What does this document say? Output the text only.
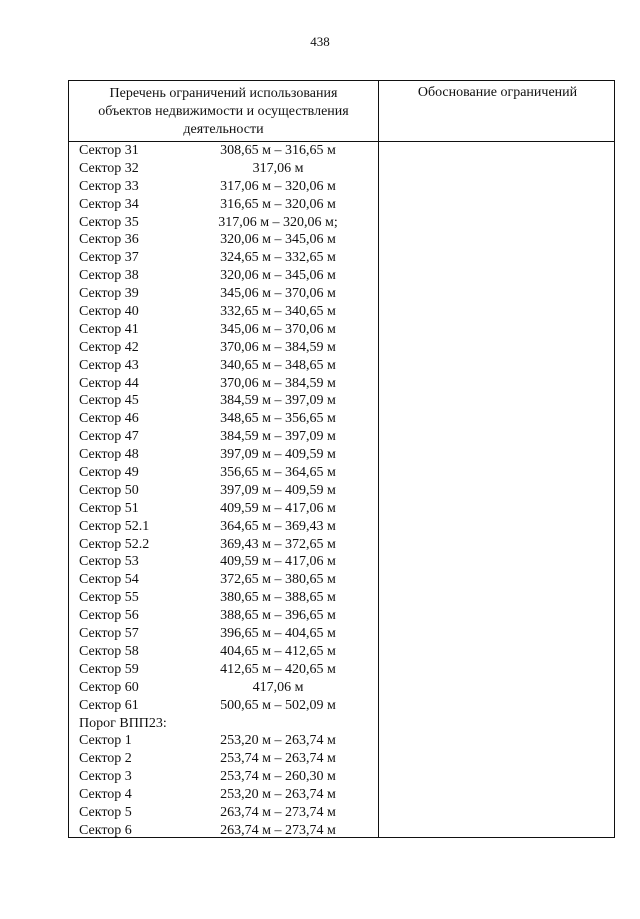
438
Перечень ограничений использования
объектов недвижимости и осуществления
деятельности
Обоснование ограничений
Сектор 31	308,65 м – 316,65 м
Сектор 32	317,06 м
Сектор 33	317,06 м – 320,06 м
Сектор 34	316,65 м – 320,06 м
Сектор 35	317,06 м – 320,06 м;
Сектор 36	320,06 м – 345,06 м
Сектор 37	324,65 м – 332,65 м
Сектор 38	320,06 м – 345,06 м
Сектор 39	345,06 м – 370,06 м
Сектор 40	332,65 м – 340,65 м
Сектор 41	345,06 м – 370,06 м
Сектор 42	370,06 м – 384,59 м
Сектор 43	340,65 м – 348,65 м
Сектор 44	370,06 м – 384,59 м
Сектор 45	384,59 м – 397,09 м
Сектор 46	348,65 м – 356,65 м
Сектор 47	384,59 м – 397,09 м
Сектор 48	397,09 м – 409,59 м
Сектор 49	356,65 м – 364,65 м
Сектор 50	397,09 м – 409,59 м
Сектор 51	409,59 м – 417,06 м
Сектор 52.1	364,65 м – 369,43 м
Сектор 52.2	369,43 м – 372,65 м
Сектор 53	409,59 м – 417,06 м
Сектор 54	372,65 м – 380,65 м
Сектор 55	380,65 м – 388,65 м
Сектор 56	388,65 м – 396,65 м
Сектор 57	396,65 м – 404,65 м
Сектор 58	404,65 м – 412,65 м
Сектор 59	412,65 м – 420,65 м
Сектор 60	417,06 м
Сектор 61	500,65 м – 502,09 м
Порог ВПП23:
Сектор 1	253,20 м – 263,74 м
Сектор 2	253,74 м – 263,74 м
Сектор 3	253,74 м – 260,30 м
Сектор 4	253,20 м – 263,74 м
Сектор 5	263,74 м – 273,74 м
Сектор 6	263,74 м – 273,74 м
